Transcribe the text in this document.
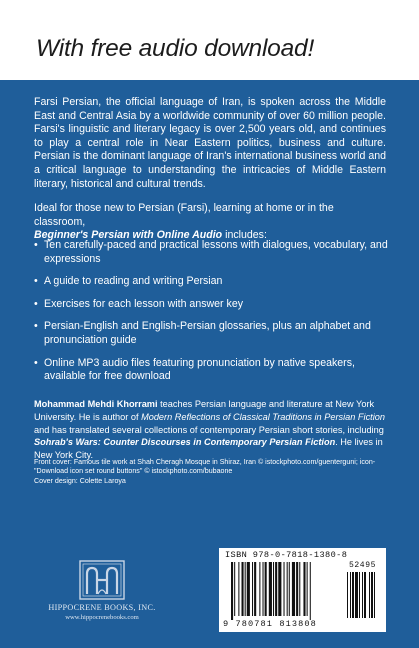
With free audio download!

Farsi Persian, the official language of Iran, is spoken across the Middle East and Central Asia by a worldwide community of over 60 million people. Farsi's linguistic and literary legacy is over 2,500 years old, and continues to play a central role in Near Eastern politics, business and culture. Persian is the dominant language of Iran's international business world and a critical language to understanding the intricacies of Middle Eastern literary, historical and cultural trends.

Ideal for those new to Persian (Farsi), learning at home or in the classroom,
Beginner's Persian with Online Audio includes:

• Ten carefully-paced and practical lessons with dialogues, vocabulary, and expressions
• A guide to reading and writing Persian
• Exercises for each lesson with answer key
• Persian-English and English-Persian glossaries, plus an alphabet and pronunciation guide
• Online MP3 audio files featuring pronunciation by native speakers, available for free download

Mohammad Mehdi Khorrami teaches Persian language and literature at New York University. He is author of Modern Reflections of Classical Traditions in Persian Fiction and has translated several collections of contemporary Persian short stories, including Sohrab's Wars: Counter Discourses in Contemporary Persian Fiction. He lives in New York City.

Front cover: Famous tile work at Shah Cheragh Mosque in Shiraz, Iran © istockphoto.com/guenterguni; icon- "Download icon set round buttons" © istockphoto.com/bubaone
Cover design: Colette Laroya
HIPPOCRENE BOOKS, INC.
www.hippocrenebooks.com
ISBN 978-0-7818-1380-8
52495
9 780781 813808
